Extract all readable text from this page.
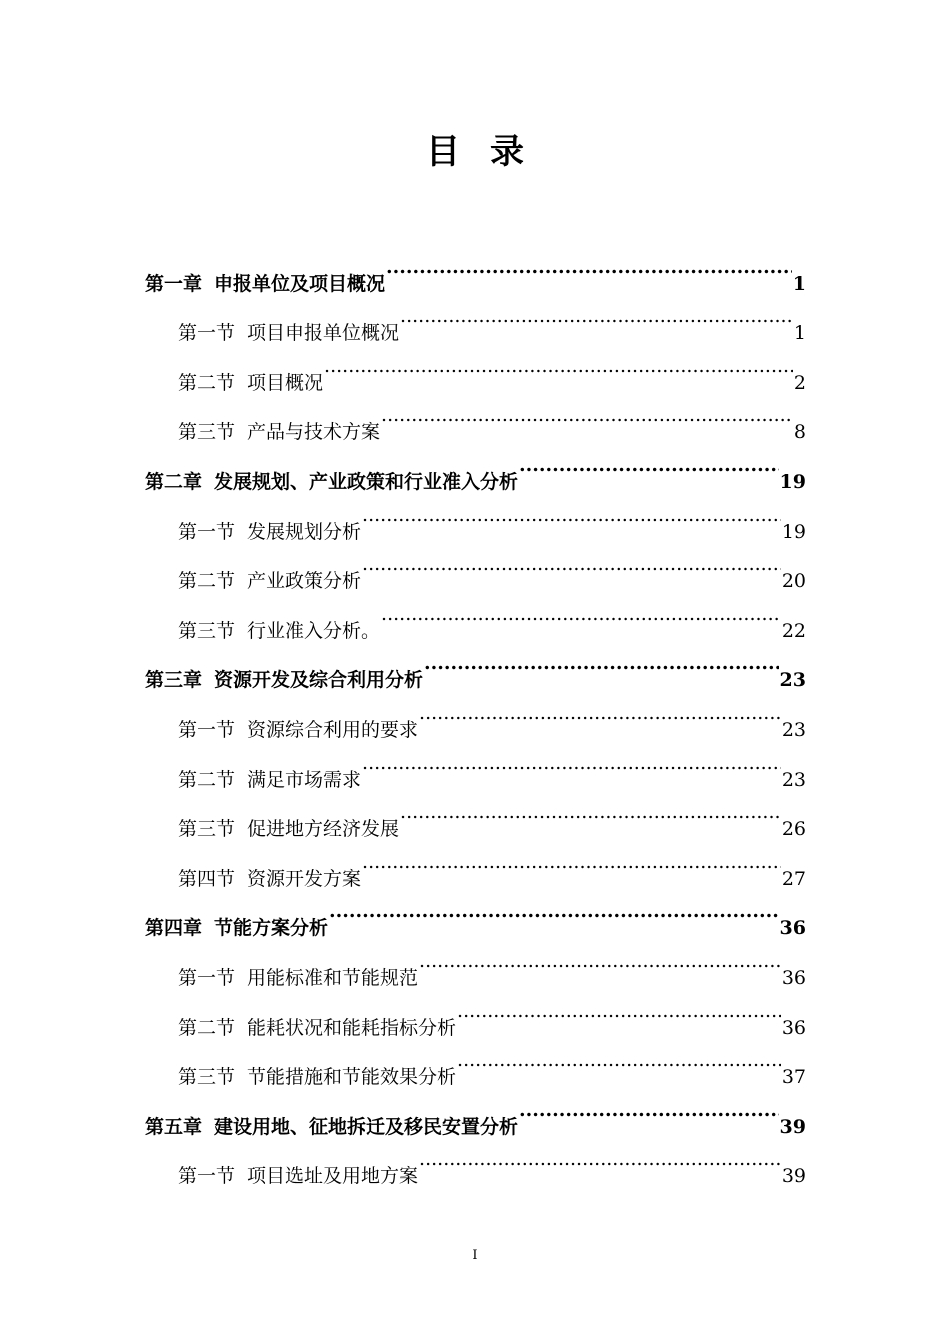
目录
第一章 申报单位及项目概况 .....	1
第一节 项目申报单位概况 .....	1
第二节 项目概况 .....	2
第三节 产品与技术方案 .....	8
第二章 发展规划、产业政策和行业准入分析 .....	19
第一节 发展规划分析 .....	19
第二节 产业政策分析 .....	20
第三节 行业准入分析。 .....	22
第三章 资源开发及综合利用分析 .....	23
第一节 资源综合利用的要求 .....	23
第二节 满足市场需求 .....	23
第三节 促进地方经济发展 .....	26
第四节 资源开发方案 .....	27
第四章 节能方案分析 .....	36
第一节 用能标准和节能规范 .....	36
第二节 能耗状况和能耗指标分析 .....	36
第三节 节能措施和节能效果分析 .....	37
第五章 建设用地、征地拆迁及移民安置分析 .....	39
第一节 项目选址及用地方案 .....	39
I
